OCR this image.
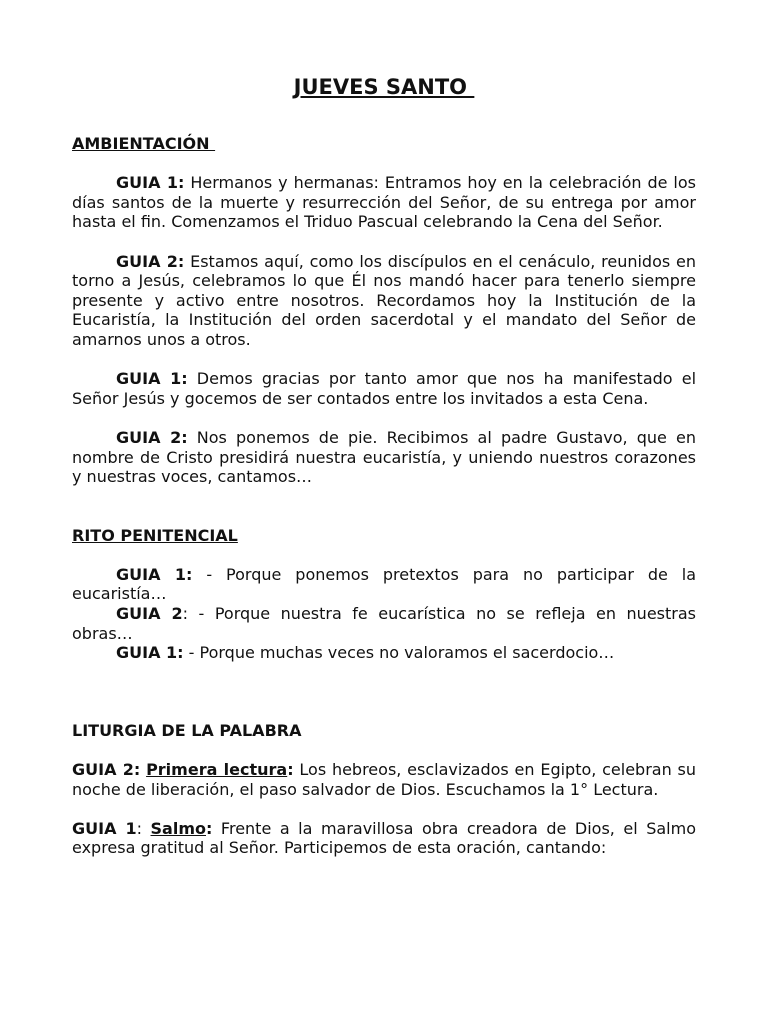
JUEVES SANTO
AMBIENTACIÓN

GUIA 1: Hermanos y hermanas: Entramos hoy en la celebración de los días santos de la muerte y resurrección del Señor, de su entrega por amor hasta el fin. Comenzamos el Triduo Pascual celebrando la Cena del Señor.

GUIA 2: Estamos aquí, como los discípulos en el cenáculo, reunidos en torno a Jesús, celebramos lo que Él nos mandó hacer para tenerlo siempre presente y activo entre nosotros. Recordamos hoy la Institución de la Eucaristía, la Institución del orden sacerdotal y el mandato del Señor de amarnos unos a otros.

GUIA 1: Demos gracias por tanto amor que nos ha manifestado el Señor Jesús y gocemos de ser contados entre los invitados a esta Cena.

GUIA 2: Nos ponemos de pie. Recibimos al padre Gustavo, que en nombre de Cristo presidirá nuestra eucaristía, y uniendo nuestros corazones y nuestras voces, cantamos…

RITO PENITENCIAL

GUIA 1: - Porque ponemos pretextos para no participar de la eucaristía…

GUIA 2: - Porque nuestra fe eucarística no se refleja en nuestras obras…

GUIA 1: - Porque muchas veces no valoramos el sacerdocio…

LITURGIA DE LA PALABRA

GUIA 2: Primera lectura: Los hebreos, esclavizados en Egipto, celebran su noche de liberación, el paso salvador de Dios. Escuchamos la 1° Lectura.

GUIA 1: Salmo: Frente a la maravillosa obra creadora de Dios, el Salmo expresa gratitud al Señor. Participemos de esta oración, cantando:
